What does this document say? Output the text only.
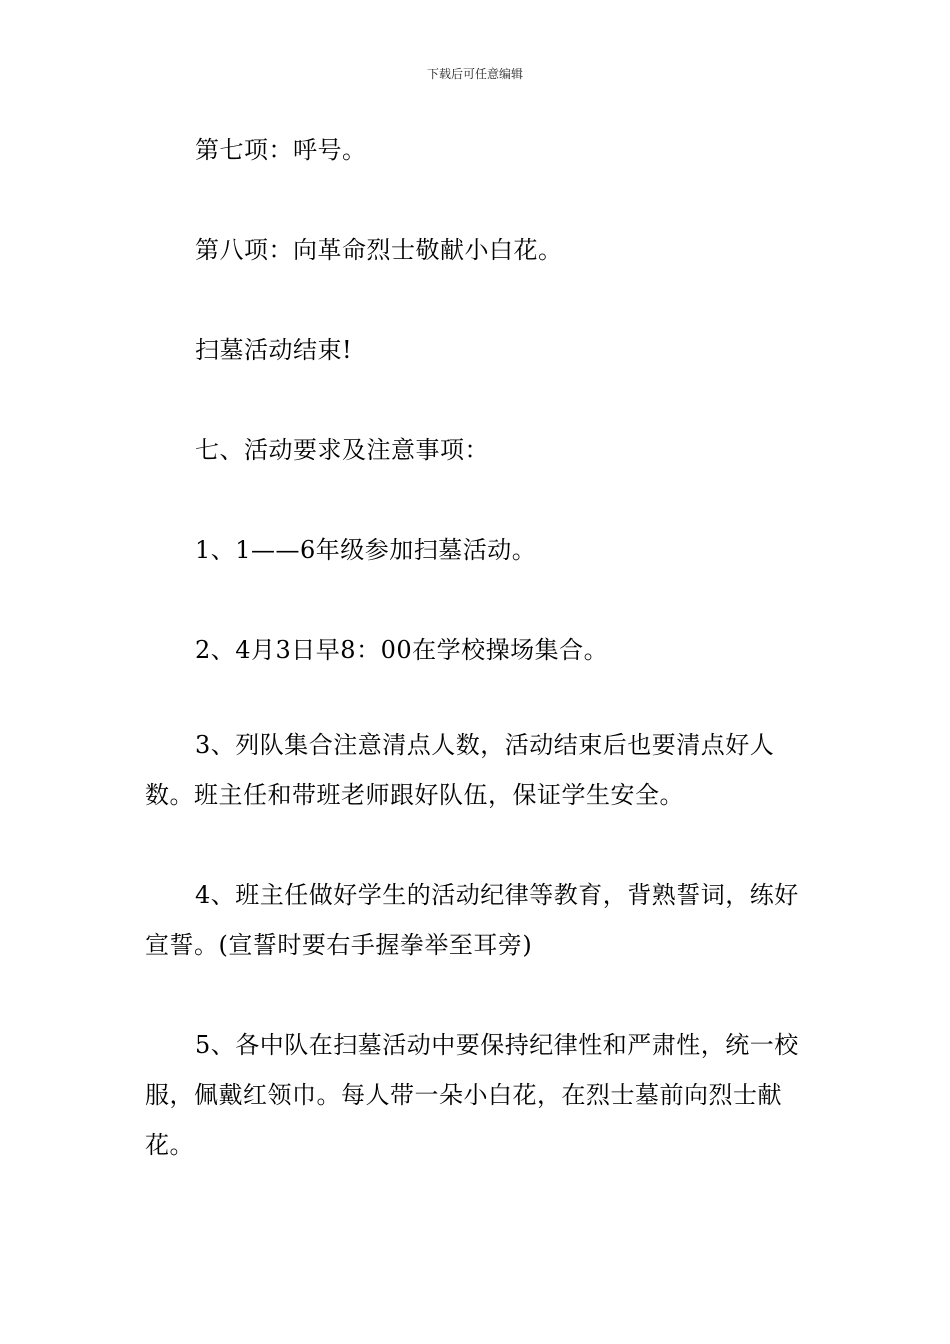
下载后可任意编辑

第七项：呼号。

第八项：向革命烈士敬献小白花。

扫墓活动结束!

七、活动要求及注意事项：

1、1——6年级参加扫墓活动。

2、4月3日早8：00在学校操场集合。

3、列队集合注意清点人数，活动结束后也要清点好人数。班主任和带班老师跟好队伍，保证学生安全。

4、班主任做好学生的活动纪律等教育，背熟誓词，练好宣誓。(宣誓时要右手握拳举至耳旁)

5、各中队在扫墓活动中要保持纪律性和严肃性，统一校服，佩戴红领巾。每人带一朵小白花，在烈士墓前向烈士献花。
